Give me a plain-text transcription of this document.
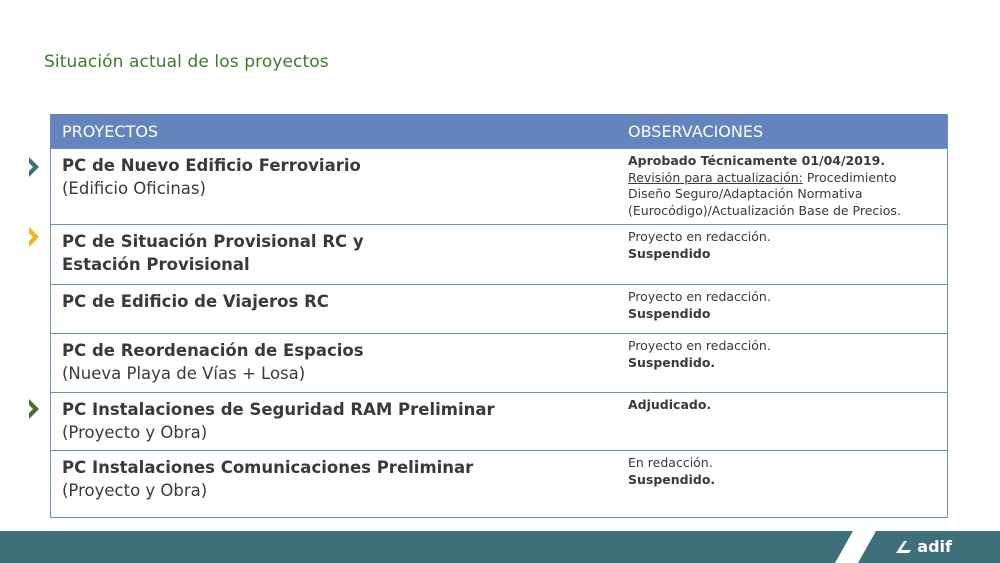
Situación actual de los proyectos
PROYECTOS	OBSERVACIONES
PC de Nuevo Edificio Ferroviario
(Edificio Oficinas)
Aprobado Técnicamente 01/04/2019.
Revisión para actualización: Procedimiento Diseño Seguro/Adaptación Normativa (Eurocódigo)/Actualización Base de Precios.
PC de Situación Provisional RC y Estación Provisional
Proyecto en redacción.
Suspendido
PC de Edificio de Viajeros RC	Proyecto en redacción.
Suspendido
PC de Reordenación de Espacios
(Nueva Playa de Vías + Losa)
Proyecto en redacción.
Suspendido.
PC Instalaciones de Seguridad RAM Preliminar
(Proyecto y Obra)
Adjudicado.
PC Instalaciones Comunicaciones Preliminar
(Proyecto y Obra)
En redacción.
Suspendido.
adif
